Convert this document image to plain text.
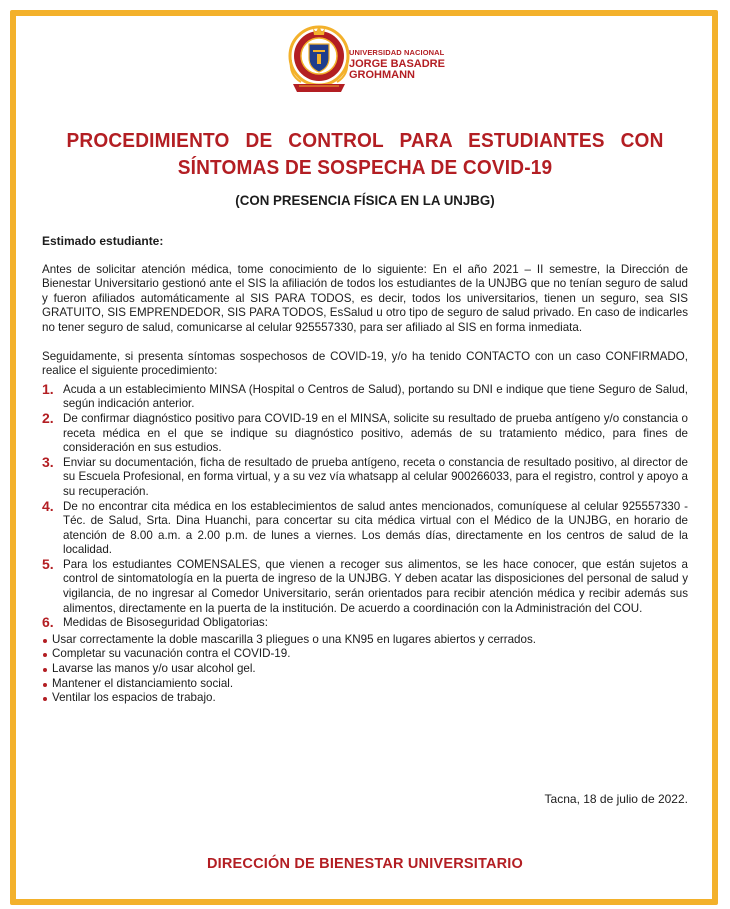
UNIVERSIDAD NACIONAL
JORGE BASADRE
GROHMANN
PROCEDIMIENTO DE CONTROL PARA ESTUDIANTES CON SÍNTOMAS DE SOSPECHA DE COVID-19
(CON PRESENCIA FÍSICA EN LA UNJBG)

Estimado estudiante:

Antes de solicitar atención médica, tome conocimiento de lo siguiente: En el año 2021 – II semestre, la Dirección de Bienestar Universitario gestionó ante el SIS la afiliación de todos los estudiantes de la UNJBG que no tenían seguro de salud y fueron afiliados automáticamente al SIS PARA TODOS, es decir, todos los universitarios, tienen un seguro, sea SIS GRATUITO, SIS EMPRENDEDOR, SIS PARA TODOS, EsSalud u otro tipo de seguro de salud privado. En caso de indicarles no tener seguro de salud, comunicarse al celular 925557330, para ser afiliado al SIS en forma inmediata.

Seguidamente, si presenta síntomas sospechosos de COVID-19, y/o ha tenido CONTACTO con un caso CONFIRMADO, realice el siguiente procedimiento:

1. Acuda a un establecimiento MINSA (Hospital o Centros de Salud), portando su DNI e indique que tiene Seguro de Salud, según indicación anterior.
2. De confirmar diagnóstico positivo para COVID-19 en el MINSA, solicite su resultado de prueba antígeno y/o constancia o receta médica en el que se indique su diagnóstico positivo, además de su tratamiento médico, para fines de consideración en sus estudios.
3. Enviar su documentación, ficha de resultado de prueba antígeno, receta o constancia de resultado positivo, al director de su Escuela Profesional, en forma virtual, y a su vez vía whatsapp al celular 900266033, para el registro, control y apoyo a su recuperación.
4. De no encontrar cita médica en los establecimientos de salud antes mencionados, comuníquese al celular 925557330 - Téc. de Salud, Srta. Dina Huanchi, para concertar su cita médica virtual con el Médico de la UNJBG, en horario de atención de 8.00 a.m. a 2.00 p.m. de lunes a viernes. Los demás días, directamente en los centros de salud de la localidad.
5. Para los estudiantes COMENSALES, que vienen a recoger sus alimentos, se les hace conocer, que están sujetos a control de sintomatología en la puerta de ingreso de la UNJBG. Y deben acatar las disposiciones del personal de salud y vigilancia, de no ingresar al Comedor Universitario, serán orientados para recibir atención médica y recibir además sus alimentos, directamente en la puerta de la institución. De acuerdo a coordinación con la Administración del COU.
6. Medidas de Bisoseguridad Obligatorias:
Usar correctamente la doble mascarilla 3 pliegues o una KN95 en lugares abiertos y cerrados.
Completar su vacunación contra el COVID-19.
Lavarse las manos y/o usar alcohol gel.
Mantener el distanciamiento social.
Ventilar los espacios de trabajo.
Tacna, 18 de julio de 2022.
DIRECCIÓN DE BIENESTAR UNIVERSITARIO
